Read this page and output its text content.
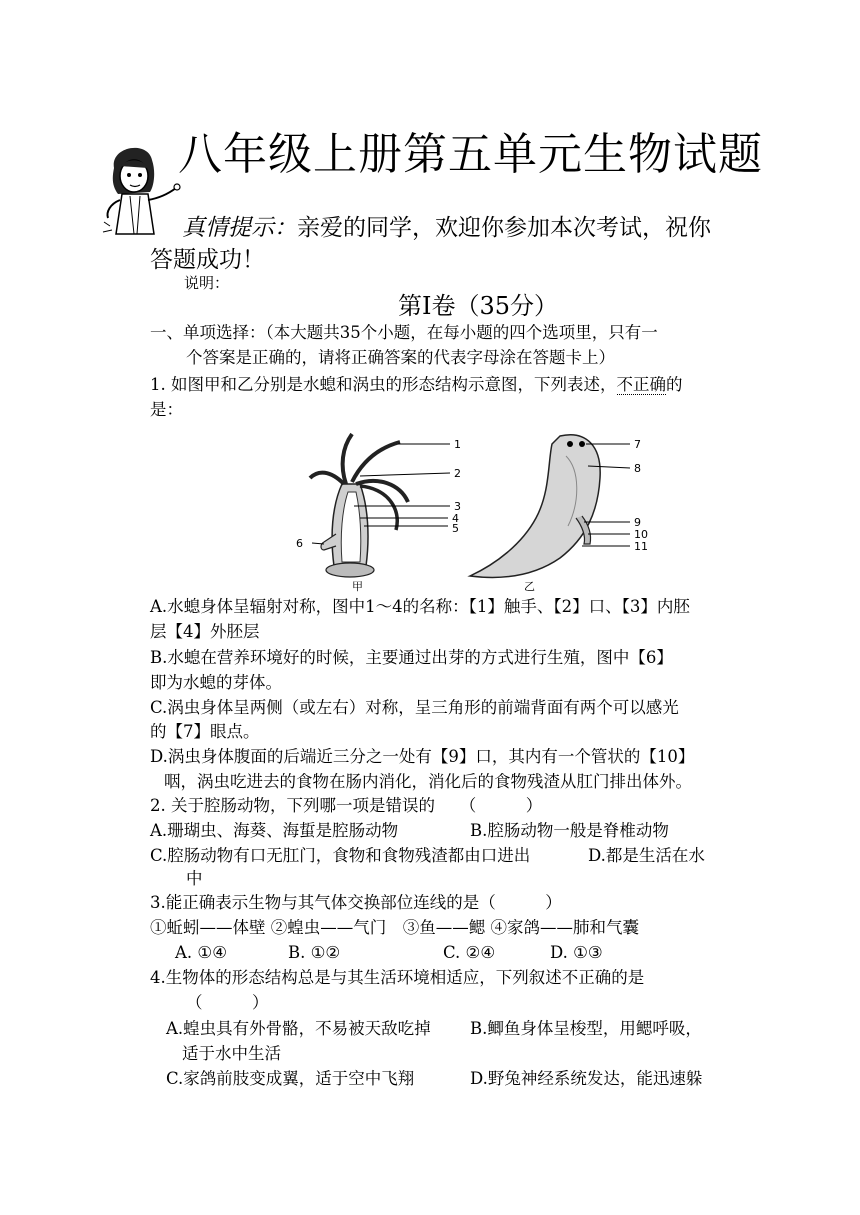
八年级上册第五单元生物试题
真情提示：亲爱的同学，欢迎你参加本次考试，祝你答题成功！
说明：
第Ⅰ卷（35分）
一、单项选择：（本大题共35个小题，在每小题的四个选项里，只有一
个答案是正确的，请将正确答案的代表字母涂在答题卡上）
1. 如图甲和乙分别是水螅和涡虫的形态结构示意图，下列表述，不正确的
是：
1
2
3
4
5
6
甲
7
8
9
10
11
乙
A.水螅身体呈辐射对称，图中1～4的名称：【1】触手、【2】口、【3】内胚
层【4】外胚层
B.水螅在营养环境好的时候，主要通过出芽的方式进行生殖，图中【6】
即为水螅的芽体。
C.涡虫身体呈两侧（或左右）对称，呈三角形的前端背面有两个可以感光
的【7】眼点。
D.涡虫身体腹面的后端近三分之一处有【9】口，其内有一个管状的【10】
咽，涡虫吃进去的食物在肠内消化，消化后的食物残渣从肛门排出体外。
2. 关于腔肠动物，下列哪一项是错误的　　（　　　）
A.珊瑚虫、海葵、海蜇是腔肠动物	B.腔肠动物一般是脊椎动物
C.腔肠动物有口无肛门，食物和食物残渣都由口进出	D.都是生活在水
中
3.能正确表示生物与其气体交换部位连线的是（　　　）
①蚯蚓——体壁 ②蝗虫——气门　③鱼——鳃 ④家鸽——肺和气囊
A. ①④	B. ①②	C. ②④	D. ①③
4.生物体的形态结构总是与其生活环境相适应，下列叙述不正确的是
（　　　）
A.蝗虫具有外骨骼，不易被天敌吃掉 B.鲫鱼身体呈梭型，用鳃呼吸，
适于水中生活
C.家鸽前肢变成翼，适于空中飞翔	D.野兔神经系统发达，能迅速躲
